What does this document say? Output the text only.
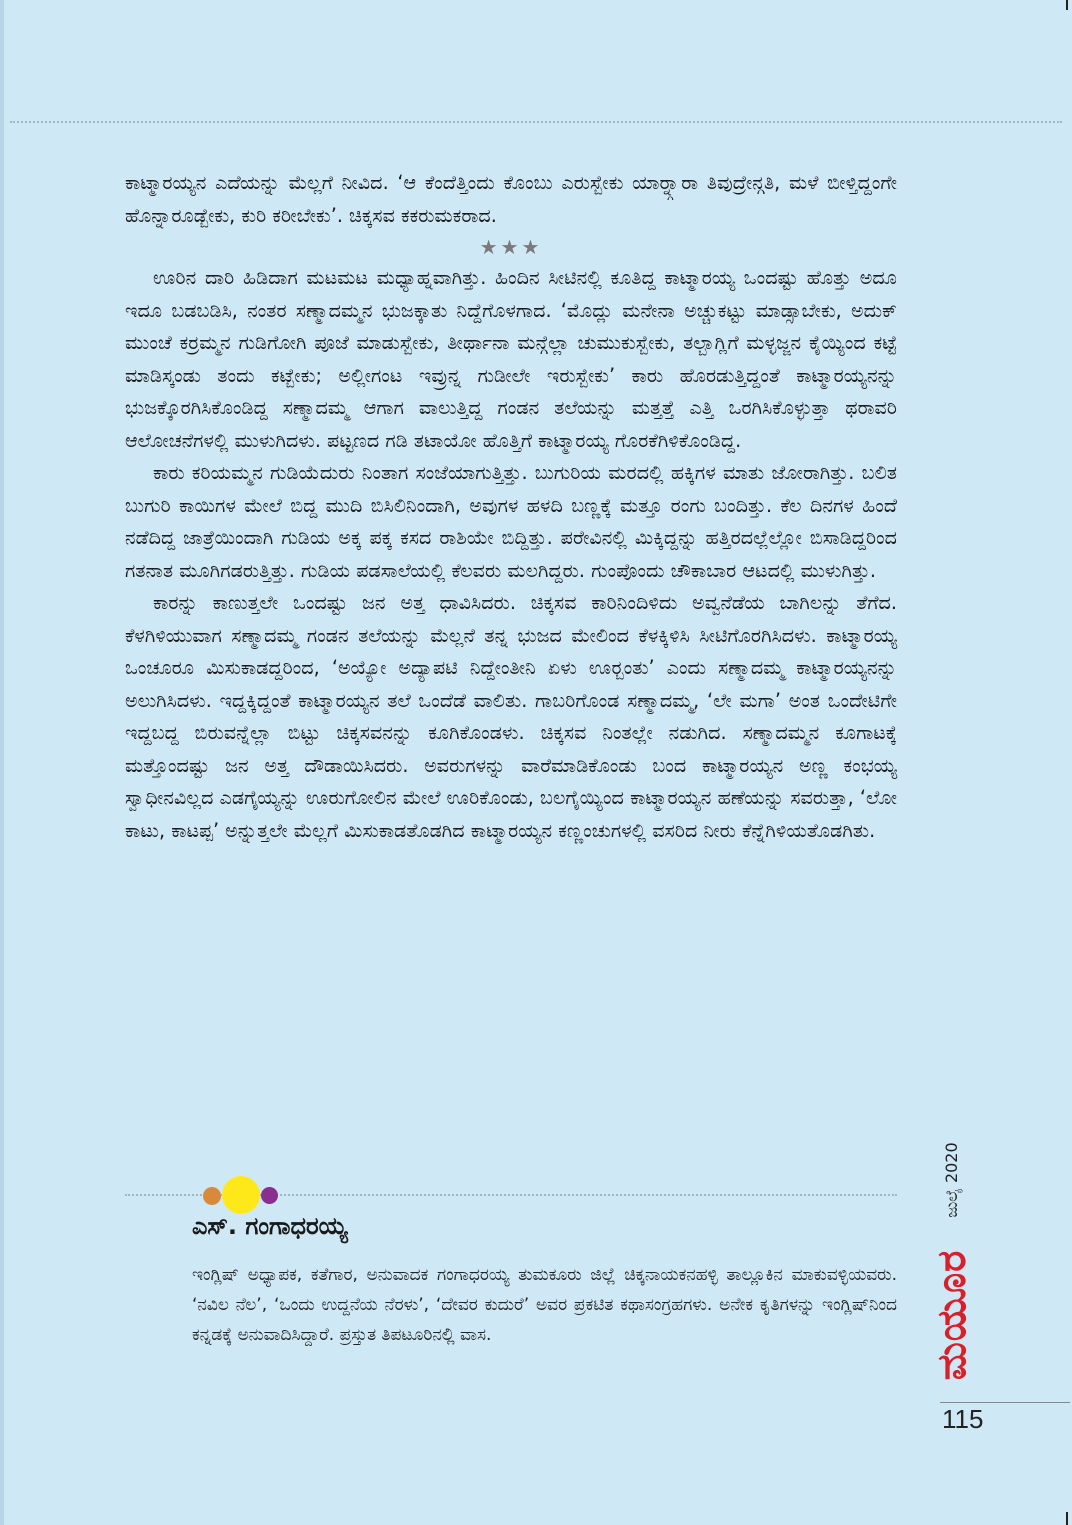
ಕಾಟ್ಮಾರಯ್ಯನ ಎದೆಯನ್ನು ಮೆಲ್ಲಗೆ ನೀವಿದ. ‘ಆ ಕೆಂದೆತ್ತಿಂದು ಕೊಂಬು ಎರುಸ್ಬೇಕು ಯಾರ್‍ನ್ಗಾರಾ ತಿವುದ್ರೇನ್ಗತಿ, ಮಳೆ ಬೀಳ್ತಿದ್ದಂಗೇ ಹೊನ್ನಾರೂಡ್ಬೇಕು, ಕುರಿ ಕರೀಬೇಕು’. ಚಿಕ್ಕಸವ ಕಕರುಮಕರಾದ.

★★★

ಊರಿನ ದಾರಿ ಹಿಡಿದಾಗ ಮಟಮಟ ಮಧ್ಯಾಹ್ನವಾಗಿತ್ತು. ಹಿಂದಿನ ಸೀಟಿನಲ್ಲಿ ಕೂತಿದ್ದ ಕಾಟ್ಮಾರಯ್ಯ ಒಂದಷ್ಟು ಹೊತ್ತು ಅದೂ ಇದೂ ಬಡಬಡಿಸಿ, ನಂತರ ಸಣ್ಮಾದಮ್ಮನ ಭುಜಕ್ಕಾತು ನಿದ್ದೆಗೊಳಗಾದ. ‘ಮೊದ್ಲು ಮನೇನಾ ಅಚ್ಚುಕಟ್ಟು ಮಾಡ್ಸಾಬೇಕು, ಅದುಕ್ ಮುಂಚೆ ಕರ್ರಮ್ಮನ ಗುಡಿಗೋಗಿ ಪೂಜೆ ಮಾಡುಸ್ಬೇಕು, ತೀರ್ಥಾನಾ ಮನ್ಗೆಲ್ಲಾ ಚುಮುಕುಸ್ಬೇಕು, ತಲ್ಬಾಗ್ಲಿಗೆ ಮಳ್ಳಜ್ಜನ ಕೈಯ್ಯಿಂದ ಕಟ್ಟೆ ಮಾಡಿಸ್ಕಂಡು ತಂದು ಕಟ್ಬೇಕು; ಅಲ್ಲೀಗಂಟ ಇವ್ರುನ್ನ ಗುಡೀಲೇ ಇರುಸ್ಬೇಕು’ ಕಾರು ಹೊರಡುತ್ತಿದ್ದಂತೆ ಕಾಟ್ಮಾರಯ್ಯನನ್ನು ಭುಜಕ್ಕೊರಗಿಸಿಕೊಂಡಿದ್ದ ಸಣ್ಮಾದಮ್ಮ ಆಗಾಗ ವಾಲುತ್ತಿದ್ದ ಗಂಡನ ತಲೆಯನ್ನು ಮತ್ತತ್ತೆ ಎತ್ತಿ ಒರಗಿಸಿಕೊಳ್ಳುತ್ತಾ ಥರಾವರಿ ಆಲೋಚನೆಗಳಲ್ಲಿ ಮುಳುಗಿದಳು. ಪಟ್ಟಣದ ಗಡಿ ತಟಾಯೋ ಹೊತ್ತಿಗೆ ಕಾಟ್ಮಾರಯ್ಯ ಗೊರಕೆಗಿಳಿಕೊಂಡಿದ್ದ.

ಕಾರು ಕರಿಯಮ್ಮನ ಗುಡಿಯೆದುರು ನಿಂತಾಗ ಸಂಜೆಯಾಗುತ್ತಿತ್ತು. ಬುಗುರಿಯ ಮರದಲ್ಲಿ ಹಕ್ಕಿಗಳ ಮಾತು ಜೋರಾಗಿತ್ತು. ಬಲಿತ ಬುಗುರಿ ಕಾಯಿಗಳ ಮೇಲೆ ಬಿದ್ದ ಮುದಿ ಬಿಸಿಲಿನಿಂದಾಗಿ, ಅವುಗಳ ಹಳದಿ ಬಣ್ಣಕ್ಕೆ ಮತ್ತೂ ರಂಗು ಬಂದಿತ್ತು. ಕೆಲ ದಿನಗಳ ಹಿಂದೆ ನಡೆದಿದ್ದ ಜಾತ್ರೆಯಿಂದಾಗಿ ಗುಡಿಯ ಅಕ್ಕ ಪಕ್ಕ ಕಸದ ರಾಶಿಯೇ ಬಿದ್ದಿತ್ತು. ಪರೇವಿನಲ್ಲಿ ಮಿಕ್ಕಿದ್ದನ್ನು ಹತ್ತಿರದಲ್ಲೆಲ್ಲೋ ಬಿಸಾಡಿದ್ದರಿಂದ ಗತನಾತ ಮೂಗಿಗಡರುತ್ತಿತ್ತು. ಗುಡಿಯ ಪಡಸಾಲೆಯಲ್ಲಿ ಕೆಲವರು ಮಲಗಿದ್ದರು. ಗುಂಪೊಂದು ಚೌಕಾಬಾರ ಆಟದಲ್ಲಿ ಮುಳುಗಿತ್ತು.

ಕಾರನ್ನು ಕಾಣುತ್ತಲೇ ಒಂದಷ್ಟು ಜನ ಅತ್ತ ಧಾವಿಸಿದರು. ಚಿಕ್ಕಸವ ಕಾರಿನಿಂದಿಳಿದು ಅವ್ವನೆಡೆಯ ಬಾಗಿಲನ್ನು ತೆಗೆದ. ಕೆಳಗಿಳಿಯುವಾಗ ಸಣ್ಮಾದಮ್ಮ ಗಂಡನ ತಲೆಯನ್ನು ಮೆಲ್ಲನೆ ತನ್ನ ಭುಜದ ಮೇಲಿಂದ ಕೆಳಕ್ಕಿಳಿಸಿ ಸೀಟಿಗೊರಗಿಸಿದಳು. ಕಾಟ್ಮಾರಯ್ಯ ಒಂಚೂರೂ ಮಿಸುಕಾಡದ್ದರಿಂದ, ‘ಅಯ್ಯೋ ಅದ್ಯಾಪಟಿ ನಿದ್ದೇಂತೀನಿ ಏಳು ಊರ್‍ಬಂತು’ ಎಂದು ಸಣ್ಮಾದಮ್ಮ ಕಾಟ್ಮಾರಯ್ಯನನ್ನು ಅಲುಗಿಸಿದಳು. ಇದ್ದಕ್ಕಿದ್ದಂತೆ ಕಾಟ್ಮಾರಯ್ಯನ ತಲೆ ಒಂದೆಡೆ ವಾಲಿತು. ಗಾಬರಿಗೊಂಡ ಸಣ್ಮಾದಮ್ಮ, ‘ಲೇ ಮಗಾ’ ಅಂತ ಒಂದೇಟಿಗೇ ಇದ್ದಬದ್ದ ಬಿರುವನ್ನೆಲ್ಲಾ ಬಿಟ್ಟು ಚಿಕ್ಕಸವನನ್ನು ಕೂಗಿಕೊಂಡಳು. ಚಿಕ್ಕಸವ ನಿಂತಲ್ಲೇ ನಡುಗಿದ. ಸಣ್ಮಾದಮ್ಮನ ಕೂಗಾಟಕ್ಕೆ ಮತ್ತೊಂದಷ್ಟು ಜನ ಅತ್ತ ದೌಡಾಯಿಸಿದರು. ಅವರುಗಳನ್ನು ವಾರೆಮಾಡಿಕೊಂಡು ಬಂದ ಕಾಟ್ಮಾರಯ್ಯನ ಅಣ್ಣ ಕಂಭಯ್ಯ ಸ್ವಾಧೀನವಿಲ್ಲದ ಎಡಗೈಯ್ಯನ್ನು ಊರುಗೋಲಿನ ಮೇಲೆ ಊರಿಕೊಂಡು, ಬಲಗೈಯ್ಯಿಂದ ಕಾಟ್ಮಾರಯ್ಯನ ಹಣೆಯನ್ನು ಸವರುತ್ತಾ, ‘ಲೋ ಕಾಟು, ಕಾಟಪ್ಪ’ ಅನ್ನುತ್ತಲೇ ಮೆಲ್ಲಗೆ ಮಿಸುಕಾಡತೊಡಗಿದ ಕಾಟ್ಮಾರಯ್ಯನ ಕಣ್ಣಂಚುಗಳಲ್ಲಿ ವಸರಿದ ನೀರು ಕೆನ್ನೆಗಿಳಿಯತೊಡಗಿತು.

ಎಸ್. ಗಂಗಾಧರಯ್ಯ
ಇಂಗ್ಲಿಷ್ ಅಧ್ಯಾಪಕ, ಕತೆಗಾರ, ಅನುವಾದಕ ಗಂಗಾಧರಯ್ಯ ತುಮಕೂರು ಜಿಲ್ಲೆ ಚಿಕ್ಕನಾಯಕನಹಳ್ಳಿ ತಾಲ್ಲೂಕಿನ ಮಾಕುವಳ್ಳಿಯವರು. ‘ನವಿಲ ನೆಲ’, ‘ಒಂದು ಉದ್ದನೆಯ ನೆರಳು’, ‘ದೇವರ ಕುದುರೆ’ ಅವರ ಪ್ರಕಟಿತ ಕಥಾಸಂಗ್ರಹಗಳು. ಅನೇಕ ಕೃತಿಗಳನ್ನು ಇಂಗ್ಲಿಷ್‌ನಿಂದ ಕನ್ನಡಕ್ಕೆ ಅನುವಾದಿಸಿದ್ದಾರೆ. ಪ್ರಸ್ತುತ ತಿಪಟೂರಿನಲ್ಲಿ ವಾಸ.
ಜುಲೈ 2020
ಮಯೂರ
115
